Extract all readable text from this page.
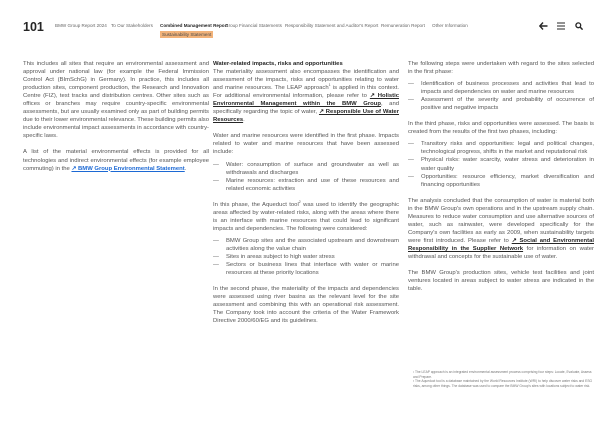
101 BMW Group Report 2024 To Our Stakeholders Combined Management Report
Group Financial Statements Responsibility Statement and Auditor's Report Remuneration Report Other Information
Sustainability Statement

This includes all sites that require an environmental assessment and approval under national law (for example the Federal Immission Control Act (BImSchG) in Germany). In practice, this includes all production sites, component production, the Research and Innovation Centre (FIZ), test tracks and distribution centres. Other sites such as offices or branches may require country-specific environmental assessments, but are usually examined only as part of building permits due to their lower environmental relevance. These building permits also include environmental impact assessments in accordance with country-specific laws.

A list of the material environmental effects is provided for all technologies and indirect environmental effects (for example employee commuting) in the ↗ BMW Group Environmental Statement.

Water-related impacts, risks and opportunities

The materiality assessment also encompasses the identification and assessment of the impacts, risks and opportunities relating to water and marine resources. The LEAP approach$^1$ is applied in this context. For additional environmental information, please refer to ↗ Holistic Environmental Management within the BMW Group, and specifically regarding the topic of water, ↗ Responsible Use of Water Resources.

Water and marine resources were identified in the first phase. Impacts related to water and marine resources that have been assessed include:

— Water: consumption of surface and groundwater as well as withdrawals and discharges
— Marine resources: extraction and use of these resources and related economic activities

In this phase, the Aqueduct tool$^2$ was used to identify the geographic areas affected by water-related risks, along with the areas where there is an interface with marine resources that could lead to significant impacts and dependencies. The following were considered:

— BMW Group sites and the associated upstream and downstream activities along the value chain
— Sites in areas subject to high water stress
— Sectors or business lines that interface with water or marine resources at these priority locations

In the second phase, the materiality of the impacts and dependencies were assessed using river basins as the relevant level for the site assessment and combining this with an operational risk assessment. The Company took into account the criteria of the Water Framework Directive 2000/60/EG and its guidelines.

The following steps were undertaken with regard to the sites selected in the first phase:

— Identification of business processes and activities that lead to impacts and dependencies on water and marine resources
— Assessment of the severity and probability of occurrence of positive and negative impacts

In the third phase, risks and opportunities were assessed. The basis is created from the results of the first two phases, including:

— Transitory risks and opportunities: legal and political changes, technological progress, shifts in the market and reputational risk
— Physical risks: water scarcity, water stress and deterioration in water quality
— Opportunities: resource efficiency, market diversification and financing opportunities

The analysis concluded that the consumption of water is material both in the BMW Group's own operations and in the upstream supply chain. Measures to reduce water consumption and use alternative sources of water, such as rainwater, were developed specifically for the Company's own facilities as early as 2009, when sustainability targets were first introduced. Please refer to ↗ Social and Environmental Responsibility in the Supplier Network for information on water withdrawal and concepts for the sustainable use of water.

The BMW Group's production sites, vehicle test facilities and joint ventures located in areas subject to water stress are indicated in the table.

¹ The LEAP approach is an integrated environmental assessment process comprising four steps: Locate, Evaluate, Assess and Prepare.
² The Aqueduct tool is a database maintained by the World Resources Institute (WRI) to help discover water risks and ESG risks, among other things. The database was used to compare the BMW Group's sites with locations subject to water risk.
